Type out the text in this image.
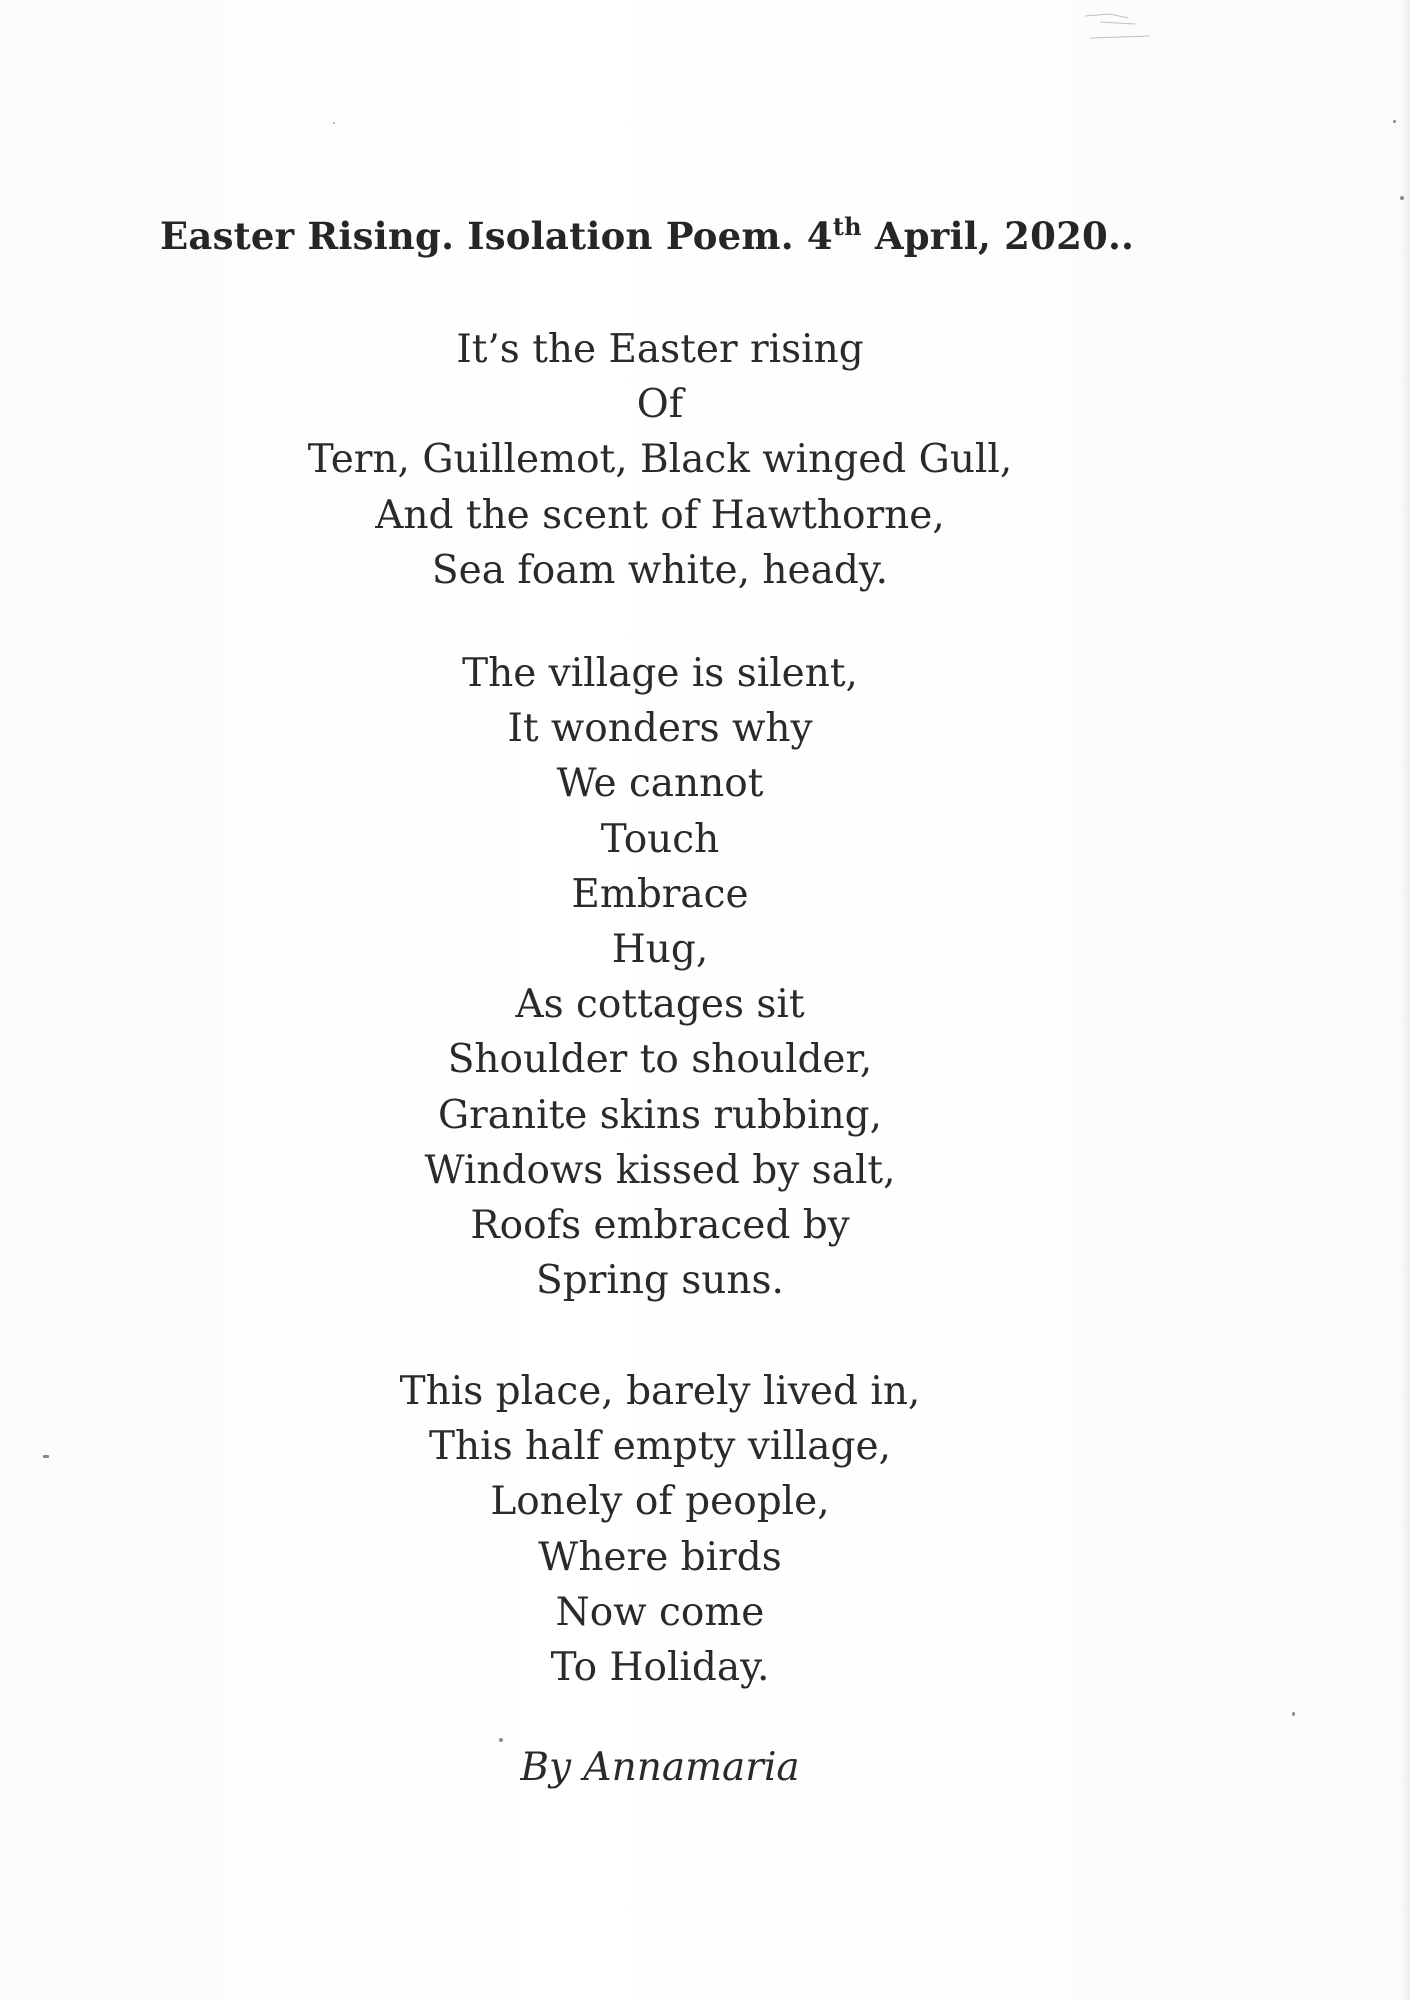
Easter Rising. Isolation Poem. 4th April, 2020..
It’s the Easter rising
Of
Tern, Guillemot, Black winged Gull,
And the scent of Hawthorne,
Sea foam white, heady.
The village is silent,
It wonders why
We cannot
Touch
Embrace
Hug,
As cottages sit
Shoulder to shoulder,
Granite skins rubbing,
Windows kissed by salt,
Roofs embraced by
Spring suns.
This place, barely lived in,
This half empty village,
Lonely of people,
Where birds
Now come
To Holiday.
By Annamaria
